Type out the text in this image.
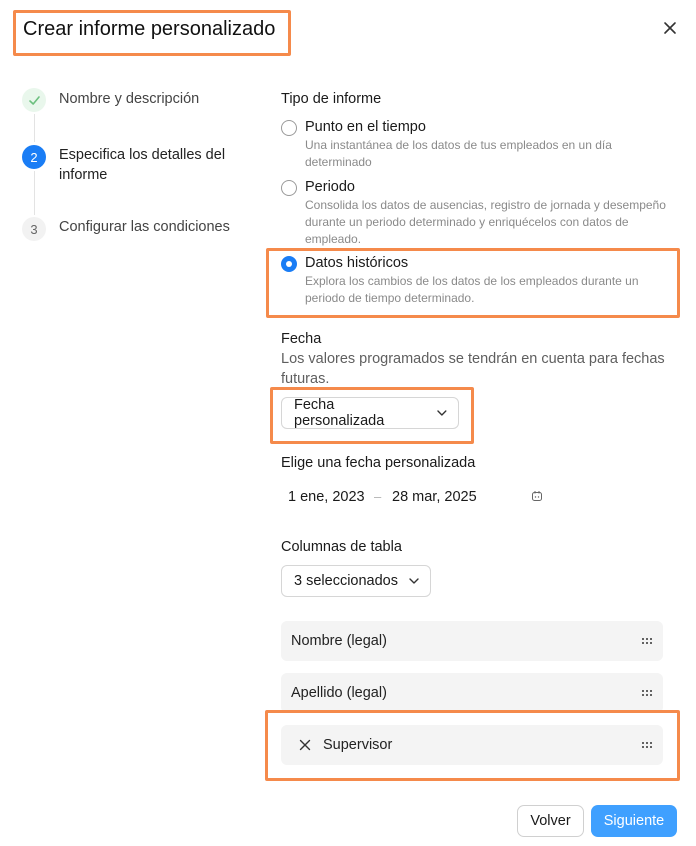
Crear informe personalizado
Nombre y descripción
2 Especifica los detalles del informe
3 Configurar las condiciones
Tipo de informe
Punto en el tiempo
Una instantánea de los datos de tus empleados en un día determinado
Periodo
Consolida los datos de ausencias, registro de jornada y desempeño durante un periodo determinado y enriquécelos con datos de empleado.
Datos históricos
Explora los cambios de los datos de los empleados durante un periodo de tiempo determinado.
Fecha
Los valores programados se tendrán en cuenta para fechas futuras.
Fecha personalizada
Elige una fecha personalizada
1 ene, 2023 – 28 mar, 2025
Columnas de tabla
3 seleccionados
Nombre (legal)
Apellido (legal)
Supervisor
Volver	Siguiente
